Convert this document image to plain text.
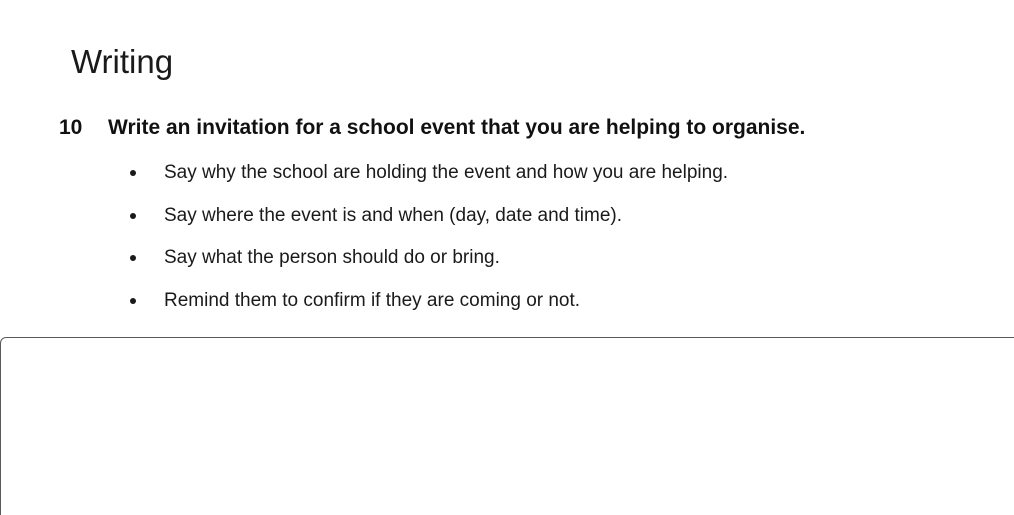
Writing
10	Write an invitation for a school event that you are helping to organise.
Say why the school are holding the event and how you are helping.
Say where the event is and when (day, date and time).
Say what the person should do or bring.
Remind them to confirm if they are coming or not.
